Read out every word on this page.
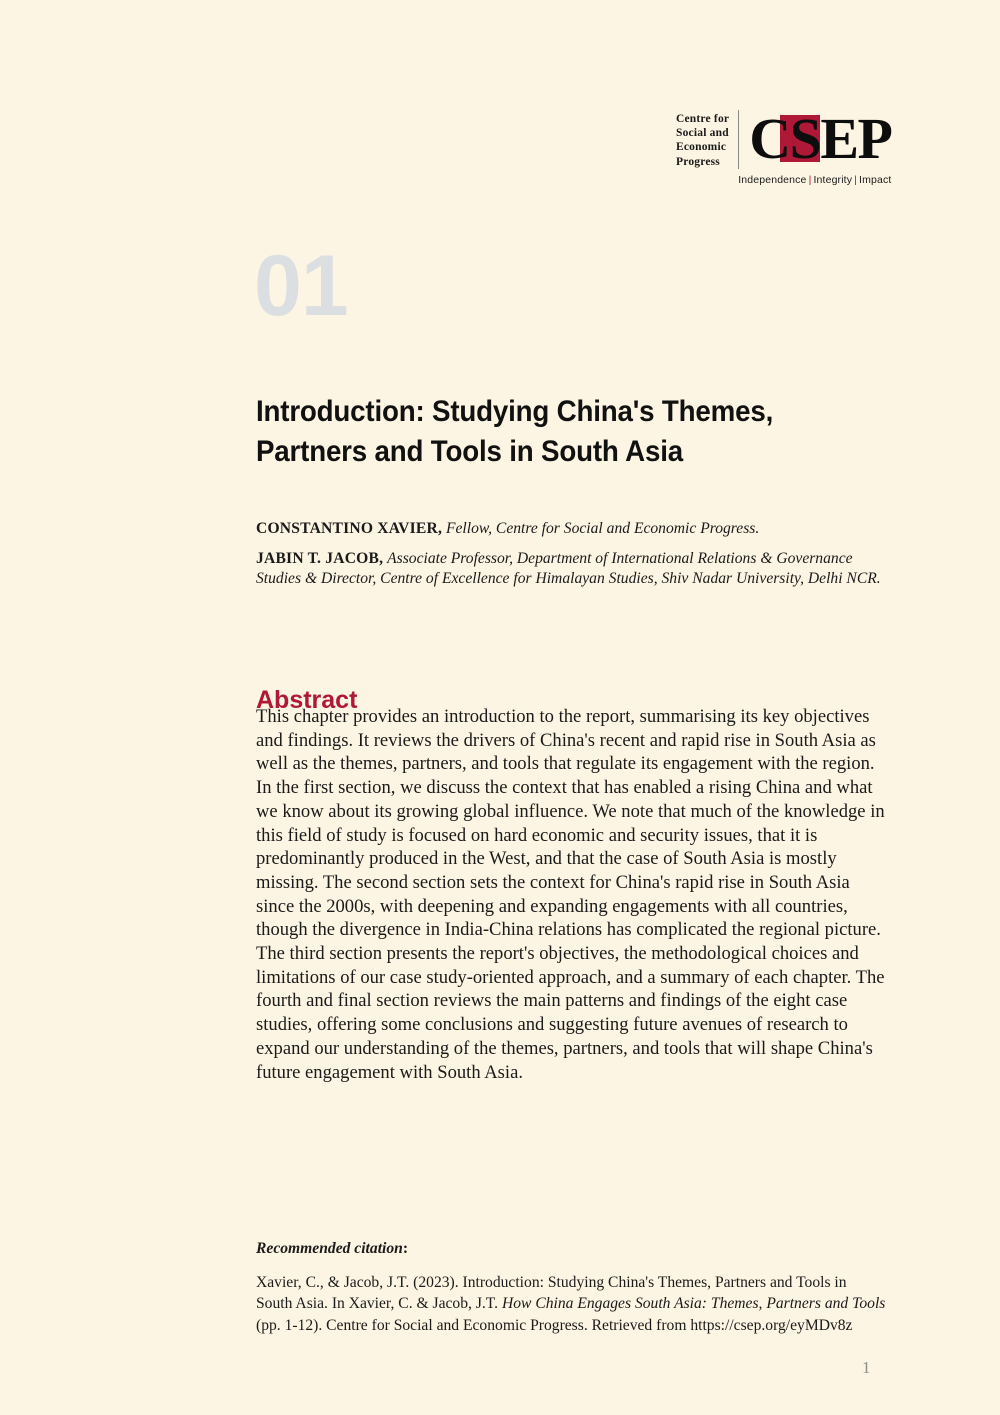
Centre for
Social and
Economic
Progress CSEP
Independence | Integrity | Impact
01
Introduction: Studying China's Themes, Partners and Tools in South Asia
CONSTANTINO XAVIER, Fellow, Centre for Social and Economic Progress.
JABIN T. JACOB, Associate Professor, Department of International Relations & Governance Studies & Director, Centre of Excellence for Himalayan Studies, Shiv Nadar University, Delhi NCR.
Abstract
This chapter provides an introduction to the report, summarising its key objectives and findings. It reviews the drivers of China's recent and rapid rise in South Asia as well as the themes, partners, and tools that regulate its engagement with the region. In the first section, we discuss the context that has enabled a rising China and what we know about its growing global influence. We note that much of the knowledge in this field of study is focused on hard economic and security issues, that it is predominantly produced in the West, and that the case of South Asia is mostly missing. The second section sets the context for China's rapid rise in South Asia since the 2000s, with deepening and expanding engagements with all countries, though the divergence in India-China relations has complicated the regional picture. The third section presents the report's objectives, the methodological choices and limitations of our case study-oriented approach, and a summary of each chapter. The fourth and final section reviews the main patterns and findings of the eight case studies, offering some conclusions and suggesting future avenues of research to expand our understanding of the themes, partners, and tools that will shape China's future engagement with South Asia.
Recommended citation:
Xavier, C., & Jacob, J.T. (2023). Introduction: Studying China's Themes, Partners and Tools in South Asia. In Xavier, C. & Jacob, J.T. How China Engages South Asia: Themes, Partners and Tools (pp. 1-12). Centre for Social and Economic Progress. Retrieved from https://csep.org/eyMDv8z
1
